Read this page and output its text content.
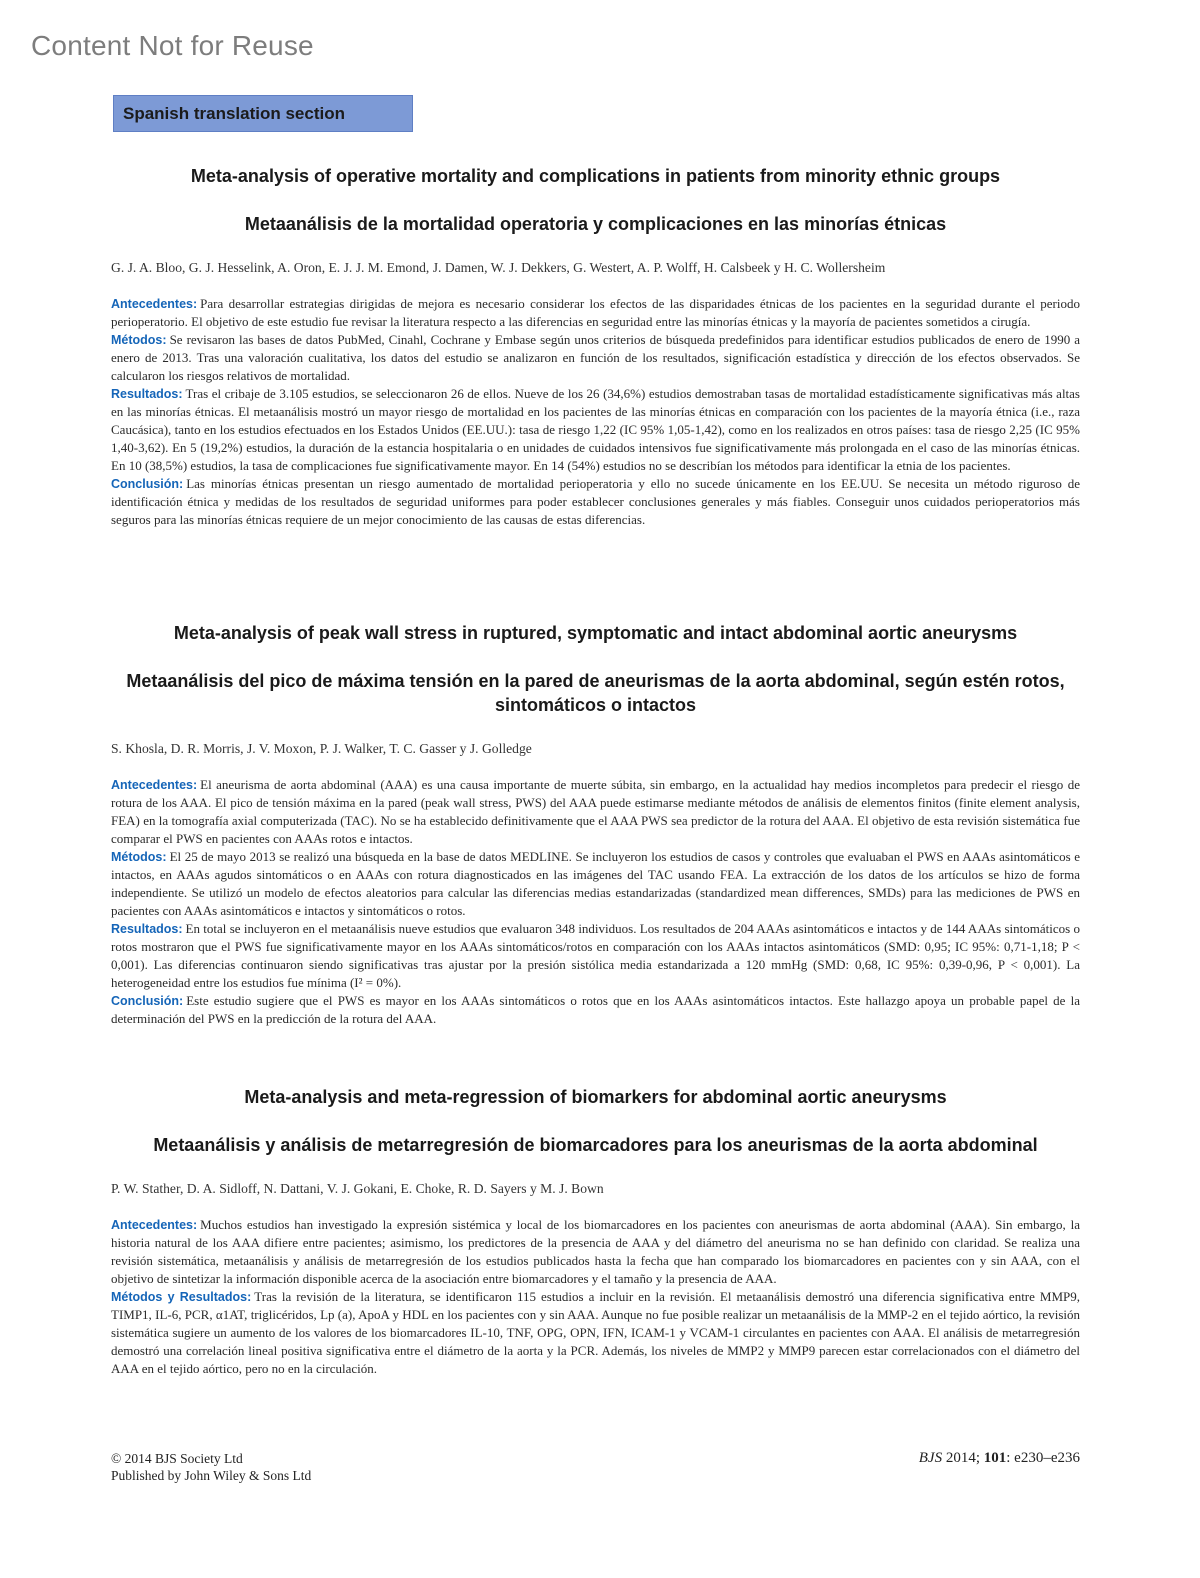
Content Not for Reuse
Spanish translation section
Meta-analysis of operative mortality and complications in patients from minority ethnic groups
Metaanálisis de la mortalidad operatoria y complicaciones en las minorías étnicas
G. J. A. Bloo, G. J. Hesselink, A. Oron, E. J. J. M. Emond, J. Damen, W. J. Dekkers, G. Westert, A. P. Wolff, H. Calsbeek y H. C. Wollersheim

Antecedentes: Para desarrollar estrategias dirigidas de mejora es necesario considerar los efectos de las disparidades étnicas de los pacientes en la seguridad durante el periodo perioperatorio. El objetivo de este estudio fue revisar la literatura respecto a las diferencias en seguridad entre las minorías étnicas y la mayoría de pacientes sometidos a cirugía.

Métodos: Se revisaron las bases de datos PubMed, Cinahl, Cochrane y Embase según unos criterios de búsqueda predefinidos para identificar estudios publicados de enero de 1990 a enero de 2013. Tras una valoración cualitativa, los datos del estudio se analizaron en función de los resultados, significación estadística y dirección de los efectos observados. Se calcularon los riesgos relativos de mortalidad.

Resultados: Tras el cribaje de 3.105 estudios, se seleccionaron 26 de ellos. Nueve de los 26 (34,6%) estudios demostraban tasas de mortalidad estadísticamente significativas más altas en las minorías étnicas. El metaanálisis mostró un mayor riesgo de mortalidad en los pacientes de las minorías étnicas en comparación con los pacientes de la mayoría étnica (i.e., raza Caucásica), tanto en los estudios efectuados en los Estados Unidos (EE.UU.): tasa de riesgo 1,22 (IC 95% 1,05-1,42), como en los realizados en otros países: tasa de riesgo 2,25 (IC 95% 1,40-3,62). En 5 (19,2%) estudios, la duración de la estancia hospitalaria o en unidades de cuidados intensivos fue significativamente más prolongada en el caso de las minorías étnicas. En 10 (38,5%) estudios, la tasa de complicaciones fue significativamente mayor. En 14 (54%) estudios no se describían los métodos para identificar la etnia de los pacientes.

Conclusión: Las minorías étnicas presentan un riesgo aumentado de mortalidad perioperatoria y ello no sucede únicamente en los EE.UU. Se necesita un método riguroso de identificación étnica y medidas de los resultados de seguridad uniformes para poder establecer conclusiones generales y más fiables. Conseguir unos cuidados perioperatorios más seguros para las minorías étnicas requiere de un mejor conocimiento de las causas de estas diferencias.

Meta-analysis of peak wall stress in ruptured, symptomatic and intact abdominal aortic aneurysms
Metaanálisis del pico de máxima tensión en la pared de aneurismas de la aorta abdominal, según estén rotos, sintomáticos o intactos
S. Khosla, D. R. Morris, J. V. Moxon, P. J. Walker, T. C. Gasser y J. Golledge

Antecedentes: El aneurisma de aorta abdominal (AAA) es una causa importante de muerte súbita, sin embargo, en la actualidad hay medios incompletos para predecir el riesgo de rotura de los AAA. El pico de tensión máxima en la pared (peak wall stress, PWS) del AAA puede estimarse mediante métodos de análisis de elementos finitos (finite element analysis, FEA) en la tomografía axial computerizada (TAC). No se ha establecido definitivamente que el AAA PWS sea predictor de la rotura del AAA. El objetivo de esta revisión sistemática fue comparar el PWS en pacientes con AAAs rotos e intactos.

Métodos: El 25 de mayo 2013 se realizó una búsqueda en la base de datos MEDLINE. Se incluyeron los estudios de casos y controles que evaluaban el PWS en AAAs asintomáticos e intactos, en AAAs agudos sintomáticos o en AAAs con rotura diagnosticados en las imágenes del TAC usando FEA. La extracción de los datos de los artículos se hizo de forma independiente. Se utilizó un modelo de efectos aleatorios para calcular las diferencias medias estandarizadas (standardized mean differences, SMDs) para las mediciones de PWS en pacientes con AAAs asintomáticos e intactos y sintomáticos o rotos.

Resultados: En total se incluyeron en el metaanálisis nueve estudios que evaluaron 348 individuos. Los resultados de 204 AAAs asintomáticos e intactos y de 144 AAAs sintomáticos o rotos mostraron que el PWS fue significativamente mayor en los AAAs sintomáticos/rotos en comparación con los AAAs intactos asintomáticos (SMD: 0,95; IC 95%: 0,71-1,18; P < 0,001). Las diferencias continuaron siendo significativas tras ajustar por la presión sistólica media estandarizada a 120 mmHg (SMD: 0,68, IC 95%: 0,39-0,96, P < 0,001). La heterogeneidad entre los estudios fue mínima (I² = 0%).

Conclusión: Este estudio sugiere que el PWS es mayor en los AAAs sintomáticos o rotos que en los AAAs asintomáticos intactos. Este hallazgo apoya un probable papel de la determinación del PWS en la predicción de la rotura del AAA.

Meta-analysis and meta-regression of biomarkers for abdominal aortic aneurysms
Metaanálisis y análisis de metarregresión de biomarcadores para los aneurismas de la aorta abdominal
P. W. Stather, D. A. Sidloff, N. Dattani, V. J. Gokani, E. Choke, R. D. Sayers y M. J. Bown

Antecedentes: Muchos estudios han investigado la expresión sistémica y local de los biomarcadores en los pacientes con aneurismas de aorta abdominal (AAA). Sin embargo, la historia natural de los AAA difiere entre pacientes; asimismo, los predictores de la presencia de AAA y del diámetro del aneurisma no se han definido con claridad. Se realiza una revisión sistemática, metaanálisis y análisis de metarregresión de los estudios publicados hasta la fecha que han comparado los biomarcadores en pacientes con y sin AAA, con el objetivo de sintetizar la información disponible acerca de la asociación entre biomarcadores y el tamaño y la presencia de AAA.

Métodos y Resultados: Tras la revisión de la literatura, se identificaron 115 estudios a incluir en la revisión. El metaanálisis demostró una diferencia significativa entre MMP9, TIMP1, IL-6, PCR, α1AT, triglicéridos, Lp (a), ApoA y HDL en los pacientes con y sin AAA. Aunque no fue posible realizar un metaanálisis de la MMP-2 en el tejido aórtico, la revisión sistemática sugiere un aumento de los valores de los biomarcadores IL-10, TNF, OPG, OPN, IFN, ICAM-1 y VCAM-1 circulantes en pacientes con AAA. El análisis de metarregresión demostró una correlación lineal positiva significativa entre el diámetro de la aorta y la PCR. Además, los niveles de MMP2 y MMP9 parecen estar correlacionados con el diámetro del AAA en el tejido aórtico, pero no en la circulación.

© 2014 BJS Society Ltd
Published by John Wiley & Sons Ltd
BJS 2014; 101: e230–e236
